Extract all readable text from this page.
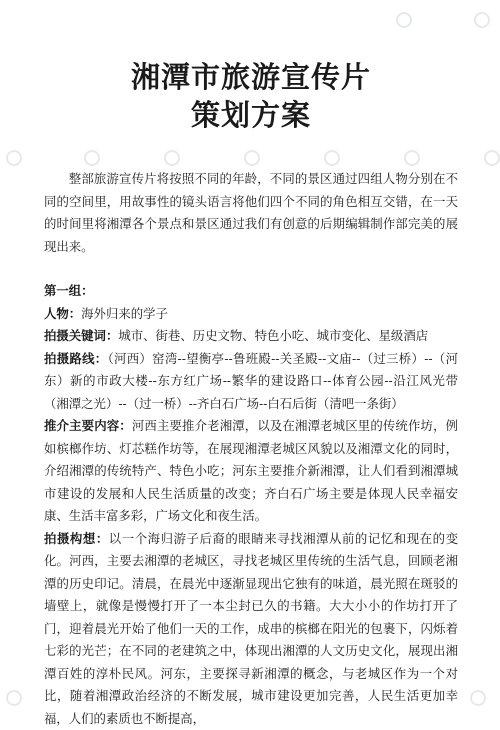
湘潭市旅游宣传片
策划方案

整部旅游宣传片将按照不同的年龄，不同的景区通过四组人物分别在不同的空间里，用故事性的镜头语言将他们四个不同的角色相互交错，在一天的时间里将湘潭各个景点和景区通过我们有创意的后期编辑制作部完美的展现出来。

第一组：

人物：海外归来的学子

拍摄关键词：城市、街巷、历史文物、特色小吃、城市变化、星级酒店

拍摄路线：（河西）窑湾--望衡亭--鲁班殿--关圣殿--文庙--（过三桥）--（河东）新的市政大楼--东方红广场--繁华的建设路口--体育公园--沿江风光带（湘潭之光）--（过一桥）--齐白石广场--白石后街（清吧一条街）

推介主要内容：河西主要推介老湘潭，以及在湘潭老城区里的传统作坊，例如槟榔作坊、灯芯糕作坊等，在展现湘潭老城区风貌以及湘潭文化的同时，介绍湘潭的传统特产、特色小吃；河东主要推介新湘潭，让人们看到湘潭城市建设的发展和人民生活质量的改变；齐白石广场主要是体现人民幸福安康、生活丰富多彩，广场文化和夜生活。

拍摄构想：以一个海归游子后裔的眼睛来寻找湘潭从前的记忆和现在的变化。河西，主要去湘潭的老城区，寻找老城区里传统的生活气息，回顾老湘潭的历史印记。清晨，在晨光中逐渐显现出它独有的味道，晨光照在斑驳的墙壁上，就像是慢慢打开了一本尘封已久的书籍。大大小小的作坊打开了门，迎着晨光开始了他们一天的工作，成串的槟榔在阳光的包裹下，闪烁着七彩的光芒；在不同的老建筑之中，体现出湘潭的人文历史文化，展现出湘潭百姓的淳朴民风。河东，主要探寻新湘潭的概念，与老城区作为一个对比，随着湘潭政治经济的不断发展，城市建设更加完善，人民生活更加幸福，人们的素质也不断提高，
